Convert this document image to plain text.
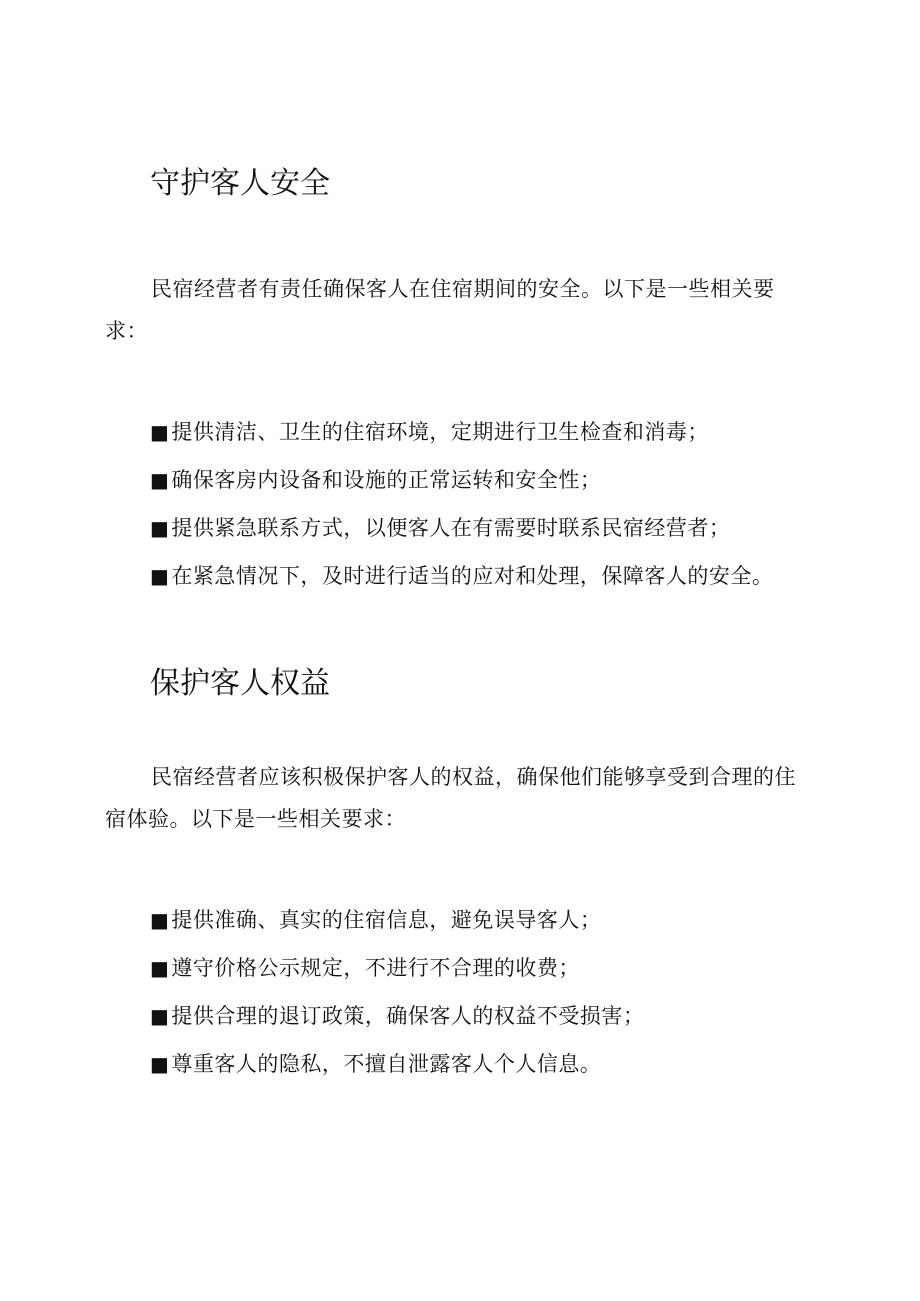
守护客人安全

民宿经营者有责任确保客人在住宿期间的安全。以下是一些相关要求：

■提供清洁、卫生的住宿环境，定期进行卫生检查和消毒；
■确保客房内设备和设施的正常运转和安全性；
■提供紧急联系方式，以便客人在有需要时联系民宿经营者；
■在紧急情况下，及时进行适当的应对和处理，保障客人的安全。
保护客人权益

民宿经营者应该积极保护客人的权益，确保他们能够享受到合理的住宿体验。以下是一些相关要求：

■提供准确、真实的住宿信息，避免误导客人；
■遵守价格公示规定，不进行不合理的收费；
■提供合理的退订政策，确保客人的权益不受损害；
■尊重客人的隐私，不擅自泄露客人个人信息。
